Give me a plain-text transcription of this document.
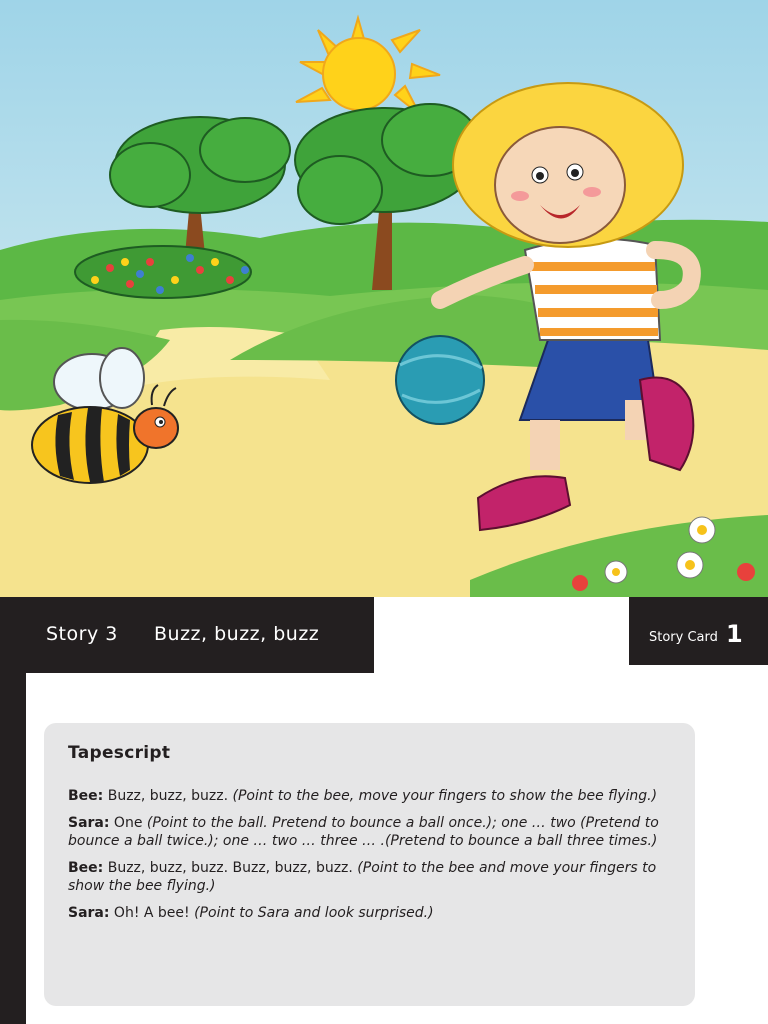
Story 3 Buzz, buzz, buzz	Story Card 1
Tapescript

Bee: Buzz, buzz, buzz. (Point to the bee, move your fingers to show the bee flying.)

Sara: One (Point to the ball. Pretend to bounce a ball once.); one … two (Pretend to bounce a ball twice.); one … two … three … .(Pretend to bounce a ball three times.)

Bee: Buzz, buzz, buzz. Buzz, buzz, buzz. (Point to the bee and move your fingers to show the bee flying.)

Sara: Oh! A bee! (Point to Sara and look surprised.)
